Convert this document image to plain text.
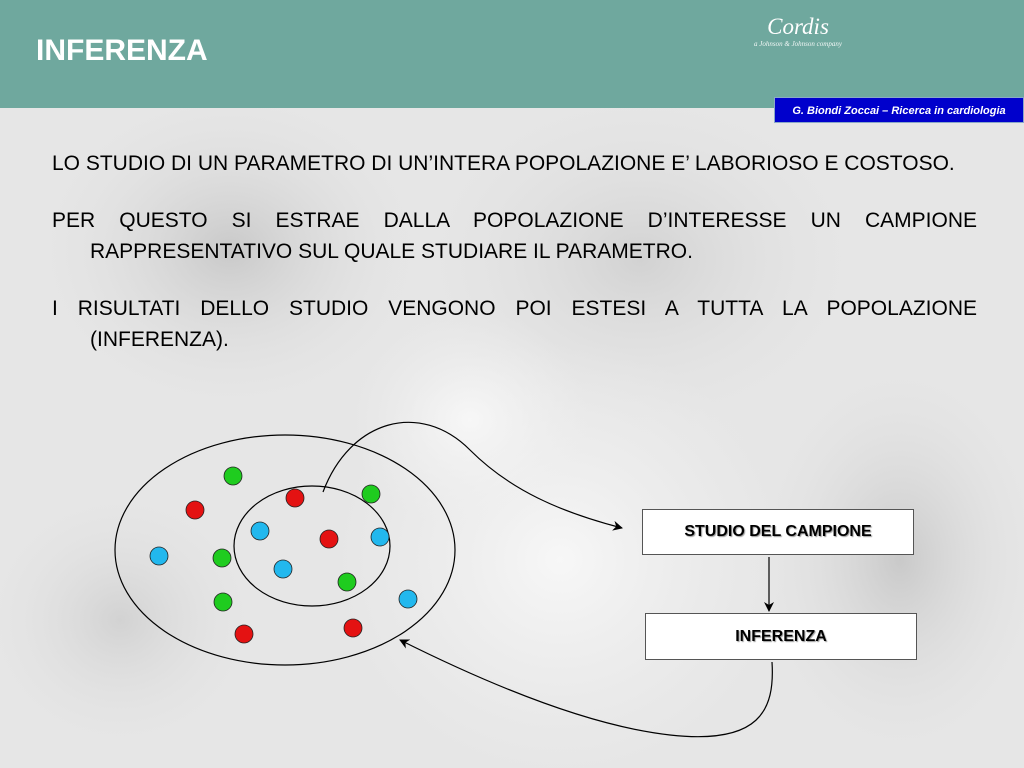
INFERENZA
Cordis
a Johnson & Johnson company
G. Biondi Zoccai – Ricerca in cardiologia

LO STUDIO DI UN PARAMETRO DI UN’INTERA POPOLAZIONE E’ LABORIOSO E COSTOSO.

PER QUESTO SI ESTRAE DALLA POPOLAZIONE D’INTERESSE UN CAMPIONE RAPPRESENTATIVO SUL QUALE STUDIARE IL PARAMETRO.

I RISULTATI DELLO STUDIO VENGONO POI ESTESI A TUTTA LA POPOLAZIONE (INFERENZA).

STUDIO DEL CAMPIONE
INFERENZA
